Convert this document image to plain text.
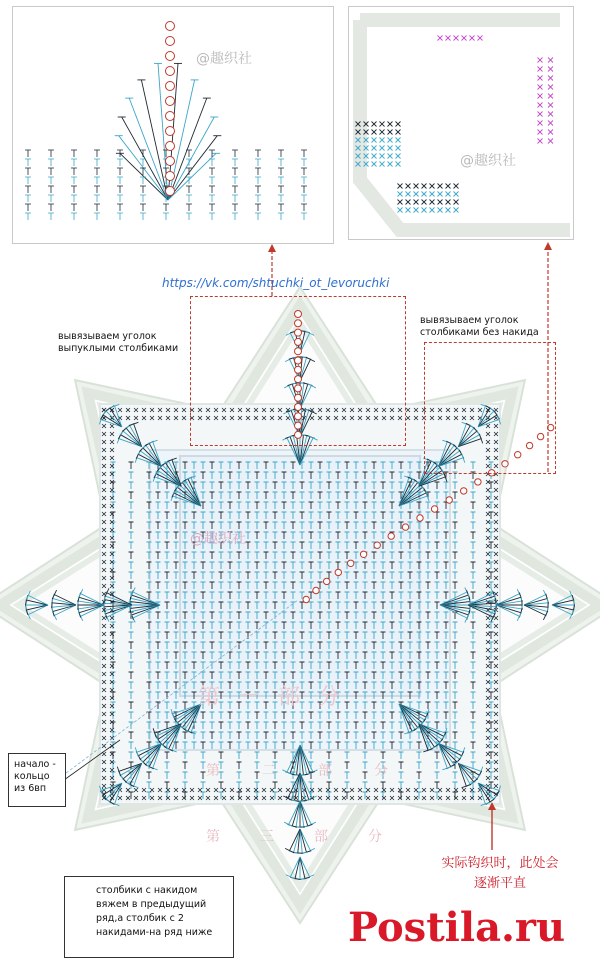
@趣织社
@趣织社
@趣织社
https://vk.com/shtuchki_ot_levoruchki
вывязываем уголок
выпуклыми столбиками
вывязываем уголок
столбиками без накида
начало -
кольцо
из 6вп
столбики с накидом
вяжем в предыдущий
ряд,а столбик с 2
накидами-на ряд ниже
第一部分
第二部分
第三部分
实际钩织时，此处会
逐渐平直
Postila.ru
